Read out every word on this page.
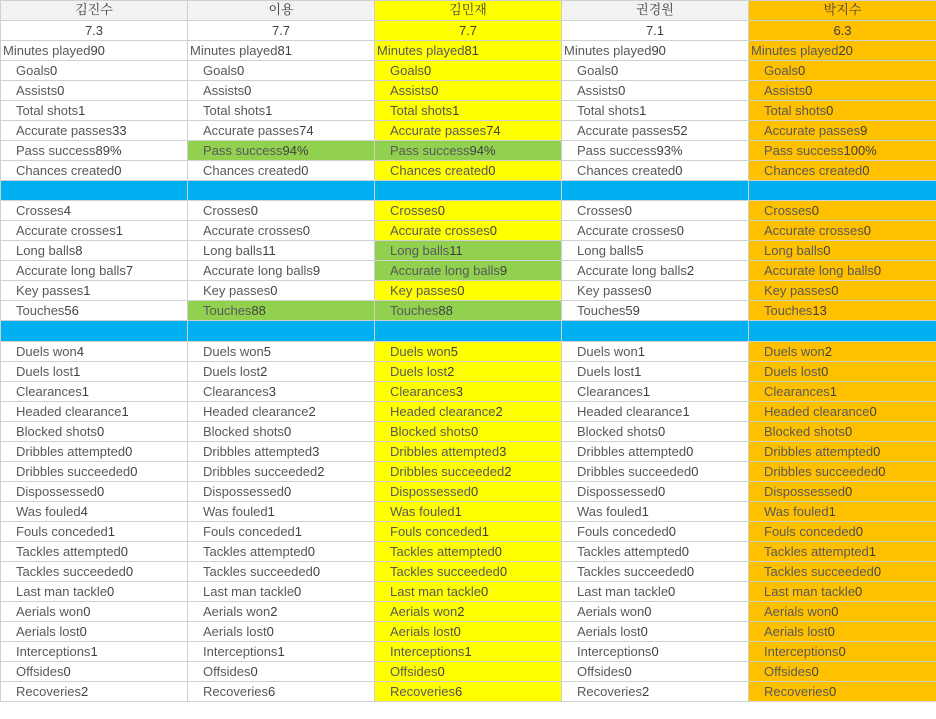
김진수	이용	김민재	권경원	박지수
7.3	7.7	7.7	7.1	6.3
Minutes played90	Minutes played81	Minutes played81	Minutes played90	Minutes played20
Goals0	Goals0	Goals0	Goals0	Goals0
Assists0	Assists0	Assists0	Assists0	Assists0
Total shots1	Total shots1	Total shots1	Total shots1	Total shots0
Accurate passes33	Accurate passes74	Accurate passes74	Accurate passes52	Accurate passes9
Pass success89%	Pass success94%	Pass success94%	Pass success93%	Pass success100%
Chances created0	Chances created0	Chances created0	Chances created0	Chances created0

Crosses4	Crosses0	Crosses0	Crosses0	Crosses0
Accurate crosses1	Accurate crosses0	Accurate crosses0	Accurate crosses0	Accurate crosses0
Long balls8	Long balls11	Long balls11	Long balls5	Long balls0
Accurate long balls7	Accurate long balls9	Accurate long balls9	Accurate long balls2	Accurate long balls0
Key passes1	Key passes0	Key passes0	Key passes0	Key passes0
Touches56	Touches88	Touches88	Touches59	Touches13

Duels won4	Duels won5	Duels won5	Duels won1	Duels won2
Duels lost1	Duels lost2	Duels lost2	Duels lost1	Duels lost0
Clearances1	Clearances3	Clearances3	Clearances1	Clearances1
Headed clearance1	Headed clearance2	Headed clearance2	Headed clearance1	Headed clearance0
Blocked shots0	Blocked shots0	Blocked shots0	Blocked shots0	Blocked shots0
Dribbles attempted0	Dribbles attempted3	Dribbles attempted3	Dribbles attempted0	Dribbles attempted0
Dribbles succeeded0	Dribbles succeeded2	Dribbles succeeded2	Dribbles succeeded0	Dribbles succeeded0
Dispossessed0	Dispossessed0	Dispossessed0	Dispossessed0	Dispossessed0
Was fouled4	Was fouled1	Was fouled1	Was fouled1	Was fouled1
Fouls conceded1	Fouls conceded1	Fouls conceded1	Fouls conceded0	Fouls conceded0
Tackles attempted0	Tackles attempted0	Tackles attempted0	Tackles attempted0	Tackles attempted1
Tackles succeeded0	Tackles succeeded0	Tackles succeeded0	Tackles succeeded0	Tackles succeeded0
Last man tackle0	Last man tackle0	Last man tackle0	Last man tackle0	Last man tackle0
Aerials won0	Aerials won2	Aerials won2	Aerials won0	Aerials won0
Aerials lost0	Aerials lost0	Aerials lost0	Aerials lost0	Aerials lost0
Interceptions1	Interceptions1	Interceptions1	Interceptions0	Interceptions0
Offsides0	Offsides0	Offsides0	Offsides0	Offsides0
Recoveries2	Recoveries6	Recoveries6	Recoveries2	Recoveries0
